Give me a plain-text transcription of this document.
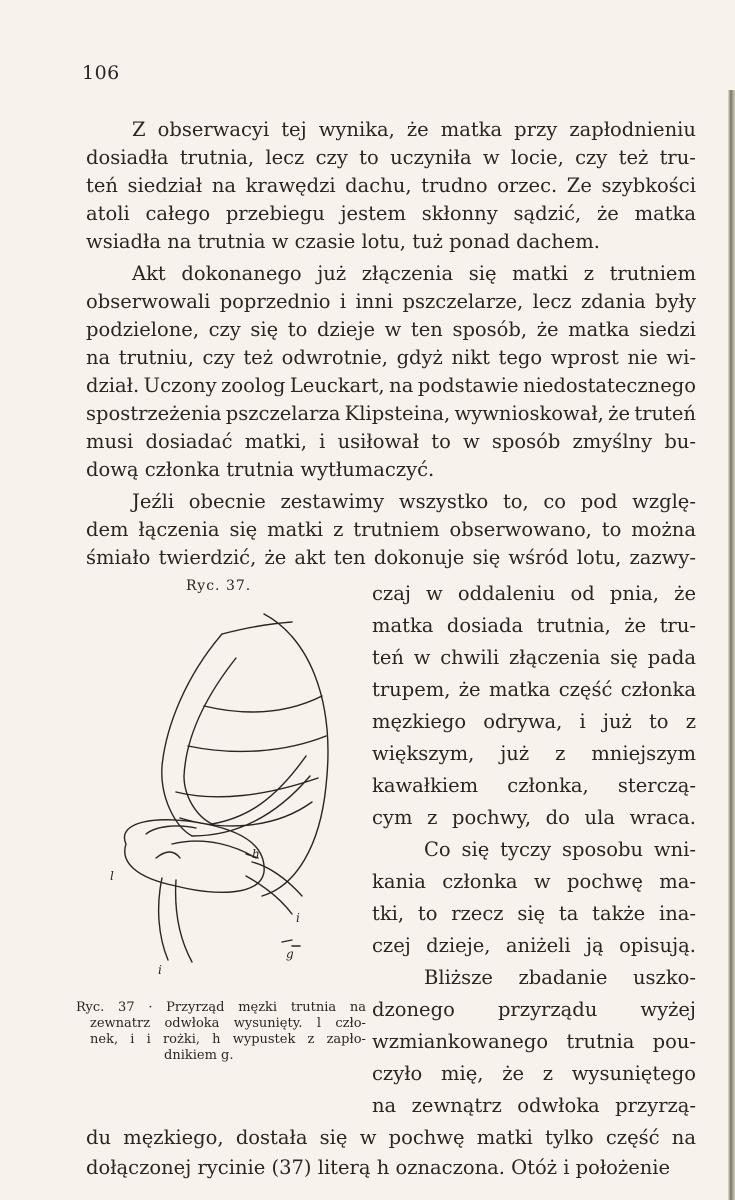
106
Z obserwacyi tej wynika, że matka przy zapłodnieniu
dosiadła trutnia, lecz czy to uczyniła w locie, czy też tru-
teń siedział na krawędzi dachu, trudno orzec. Ze szybkości
atoli całego przebiegu jestem skłonny sądzić, że matka
wsiadła na trutnia w czasie lotu, tuż ponad dachem.
Akt dokonanego już złączenia się matki z trutniem
obserwowali poprzednio i inni pszczelarze, lecz zdania były
podzielone, czy się to dzieje w ten sposób, że matka siedzi
na trutniu, czy też odwrotnie, gdyż nikt tego wprost nie wi-
dział. Uczony zoolog Leuckart, na podstawie niedostatecznego
spostrzeżenia pszczelarza Klipsteina, wywnioskował, że truteń
musi dosiadać matki, i usiłował to w sposób zmyślny bu-
dową członka trutnia wytłumaczyć.
Jeźli obecnie zestawimy wszystko to, co pod wzglę-
dem łączenia się matki z trutniem obserwowano, to można
śmiało twierdzić, że akt ten dokonuje się wśród lotu, zazwy-
czaj w oddaleniu od pnia, że
matka dosiada trutnia, że tru-
teń w chwili złączenia się pada
trupem, że matka część członka
męzkiego odrywa, i już to z
większym, już z mniejszym
kawałkiem członka, sterczą-
cym z pochwy, do ula wraca.
Co się tyczy sposobu wni-
kania członka w pochwę ma-
tki, to rzecz się ta także ina-
czej dzieje, aniżeli ją opisują.
Bliższe zbadanie uszko-
dzonego przyrządu wyżej
wzmiankowanego trutnia pou-
czyło mię, że z wysuniętego
na zewnątrz odwłoka przyrzą-
du męzkiego, dostała się w pochwę matki tylko część na
dołączonej rycinie (37) literą h oznaczona. Otóż i położenie
Ryc. 37.
l
i
i
h
g
Ryc. 37 · Przyrząd męzki trutnia na
zewnatrz odwłoka wysunięty. l czło-
nek, i i rożki, h wypustek z zapło-
dnikiem g.
